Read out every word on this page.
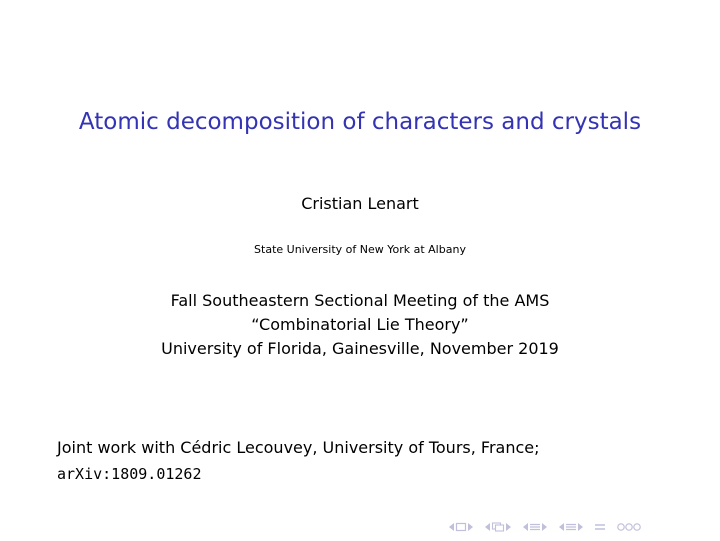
Atomic decomposition of characters and crystals
Cristian Lenart
State University of New York at Albany
Fall Southeastern Sectional Meeting of the AMS
“Combinatorial Lie Theory”
University of Florida, Gainesville, November 2019
Joint work with Cédric Lecouvey, University of Tours, France;
arXiv:1809.01262
